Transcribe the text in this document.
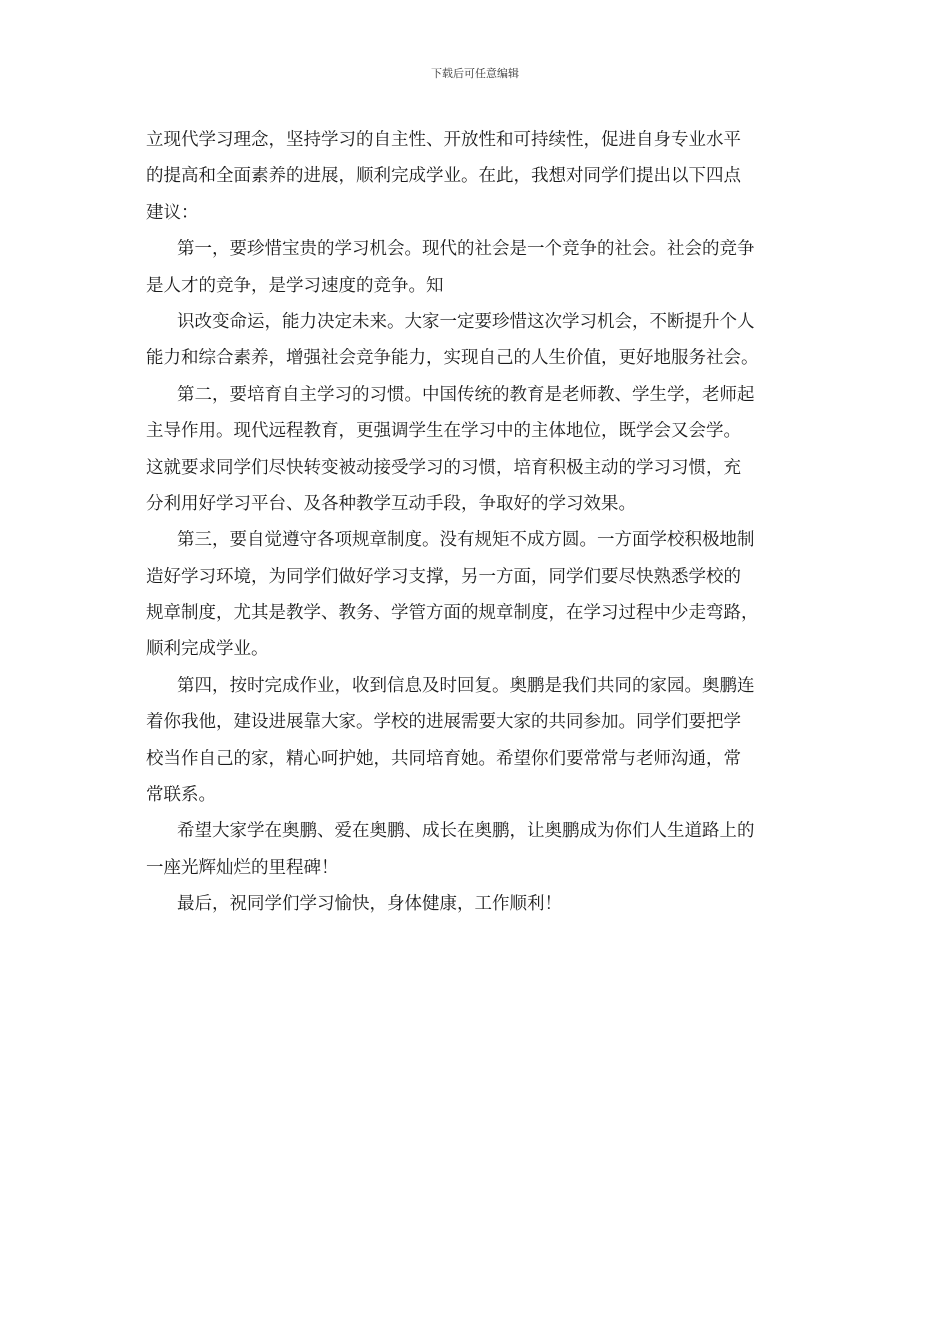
下载后可任意编辑
立现代学习理念，坚持学习的自主性、开放性和可持续性，促进自身专业水平
的提高和全面素养的进展，顺利完成学业。在此，我想对同学们提出以下四点
建议：
第一，要珍惜宝贵的学习机会。现代的社会是一个竞争的社会。社会的竞争
是人才的竞争，是学习速度的竞争。知
识改变命运，能力决定未来。大家一定要珍惜这次学习机会，不断提升个人
能力和综合素养，增强社会竞争能力，实现自己的人生价值，更好地服务社会。
第二，要培育自主学习的习惯。中国传统的教育是老师教、学生学，老师起
主导作用。现代远程教育，更强调学生在学习中的主体地位，既学会又会学。
这就要求同学们尽快转变被动接受学习的习惯，培育积极主动的学习习惯，充
分利用好学习平台、及各种教学互动手段，争取好的学习效果。
第三，要自觉遵守各项规章制度。没有规矩不成方圆。一方面学校积极地制
造好学习环境，为同学们做好学习支撑，另一方面，同学们要尽快熟悉学校的
规章制度，尤其是教学、教务、学管方面的规章制度，在学习过程中少走弯路，
顺利完成学业。
第四，按时完成作业，收到信息及时回复。奥鹏是我们共同的家园。奥鹏连
着你我他，建设进展靠大家。学校的进展需要大家的共同参加。同学们要把学
校当作自己的家，精心呵护她，共同培育她。希望你们要常常与老师沟通，常
常联系。
希望大家学在奥鹏、爱在奥鹏、成长在奥鹏，让奥鹏成为你们人生道路上的
一座光辉灿烂的里程碑！
最后，祝同学们学习愉快，身体健康，工作顺利！
